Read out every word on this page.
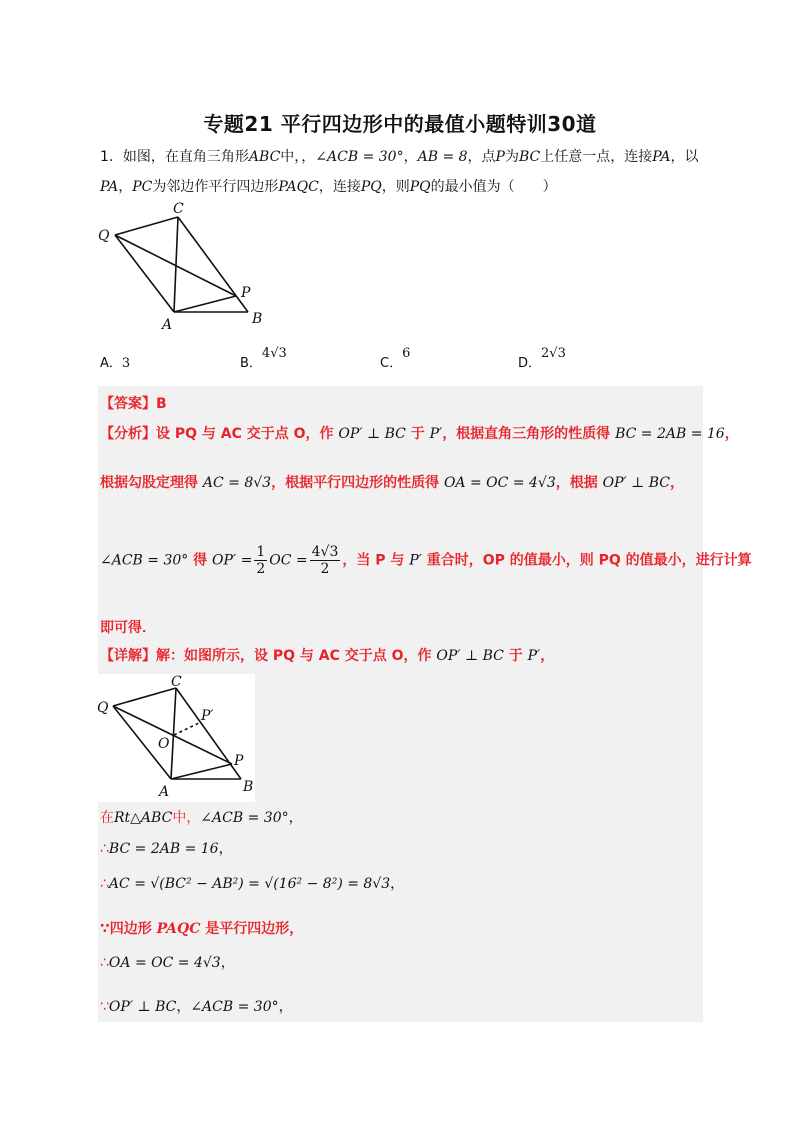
专题21 平行四边形中的最值小题特训30道
1．如图，在直角三角形ABC中，，∠ACB = 30°，AB = 8，点P为BC上任意一点，连接PA，以
PA，PC为邻边作平行四边形PAQC，连接PQ，则PQ的最小值为（　　）
C
Q
P
A	B
A．3	B．4√3
C．6
D．2√3
【答案】B
【分析】设 PQ 与 AC 交于点 O，作 OP′ ⊥ BC 于 P′，根据直角三角形的性质得 BC = 2AB = 16，
根据勾股定理得 AC = 8√3，根据平行四边形的性质得 OA = OC = 4√3，根据 OP′ ⊥ BC，
∠ACB = 30° 得 $OP' = \frac{1}{2}$ OC = $\frac{4√3}{2}$ ，当 P 与 P′ 重合时，OP 的值最小，则 PQ 的值最小，进行计算
即可得．
【详解】解：如图所示，设 PQ 与 AC 交于点 O，作 OP′ ⊥ BC 于 P′，
C
Q	P′
O
P
A	B
在Rt△ABC中，∠ACB = 30°，
∴BC = 2AB = 16，
∴AC = √(BC² − AB²) = √(16² − 8²) = 8√3，
∵四边形 PAQC 是平行四边形，
∴OA = OC = 4√3，
∵OP′ ⊥ BC，∠ACB = 30°，
